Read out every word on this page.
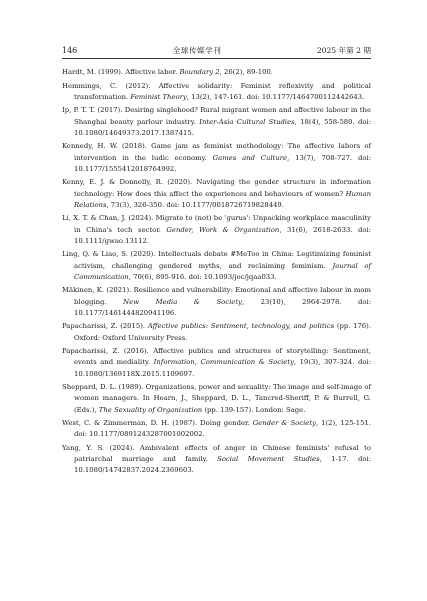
146	全球传媒学刊	2025 年第 2 期

Hardt, M. (1999). Affective labor. Boundary 2, 26(2), 89-100.

Hemmings, C. (2012). Affective solidarity: Feminist reflexivity and political transformation. Feminist Theory, 13(2), 147-161. doi: 10.1177/1464700112442643.

Ip, P. T. T. (2017). Desiring singlehood? Rural migrant women and affective labour in the Shanghai beauty parlour industry. Inter-Asia Cultural Studies, 18(4), 558-580. doi: 10.1080/14649373.2017.1387415.

Kennedy, H. W. (2018). Game jam as feminist methodology: The affective labors of intervention in the ludic economy. Games and Culture, 13(7), 708-727. doi: 10.1177/1555412018764992.

Kenny, E. J. & Donnelly, R. (2020). Navigating the gender structure in information technology: How does this affect the experiences and behaviours of women? Human Relations, 73(3), 326-350. doi: 10.1177/0018726719828449.

Li, X. T. & Chan, J. (2024). Migrate to (not) be 'gurus': Unpacking workplace masculinity in China's tech sector. Gender, Work & Organization, 31(6), 2618-2633. doi: 10.1111/gwao.13112.

Ling, Q. & Liao, S. (2020). Intellectuals debate #MeToo in China: Legitimizing feminist activism, challenging gendered myths, and reclaiming feminism. Journal of Communication, 70(6), 895-916. doi: 10.1093/joc/jqaa033.

Mäkinen, K. (2021). Resilience and vulnerability: Emotional and affective labour in mom blogging. New Media & Society, 23(10), 2964-2978. doi: 10.1177/1461444820941196.

Papacharissi, Z. (2015). Affective publics: Sentiment, technology, and politics (pp. 176). Oxford: Oxford University Press.

Papacharissi, Z. (2016). Affective publics and structures of storytelling: Sentiment, events and mediality. Information, Communication & Society, 19(3), 307-324. doi: 10.1080/1369118X.2015.1109697.

Sheppard, D. L. (1989). Organizations, power and sexuality: The image and self-image of women managers. In Hearn, J., Sheppard, D. L., Tancred-Sheriff, P. & Burrell, G. (Eds.), The Sexuality of Organization (pp. 139-157). London: Sage.

West, C. & Zimmerman, D. H. (1987). Doing gender. Gender & Society, 1(2), 125-151. doi: 10.1177/0891243287001002002.

Yang, Y. S. (2024). Ambivalent effects of anger in Chinese feminists' refusal to patriarchal marriage and family. Social Movement Studies, 1-17. doi: 10.1080/14742837.2024.2369603.
